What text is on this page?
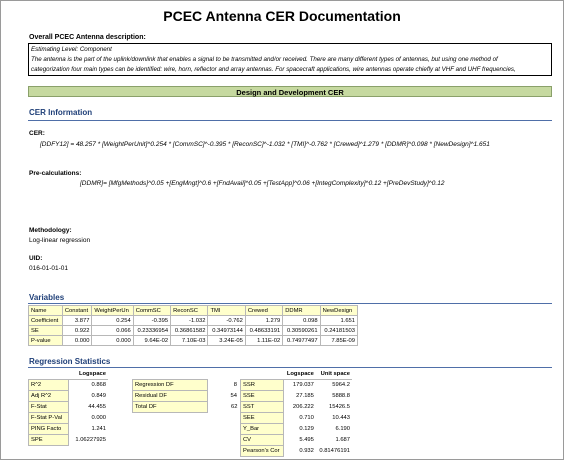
PCEC Antenna CER Documentation
Overall PCEC Antenna description:
Estimating Level: Component
The antenna is the part of the uplink/downlink that enables a signal to be transmitted and/or received. There are many different types of antennas, but using one method of
categorization four main types can be identified: wire, horn, reflector and array antennas. For spacecraft applications, wire antennas operate chiefly at VHF and UHF frequencies,
Design and Development CER
CER Information
CER:
[DDFY12] = 48.257 * [WeightPerUnit]^0.254 * [CommSC]^-0.395 * [ReconSC]^-1.032 * [TMI]^-0.762 * [Crewed]^1.279 * [DDMR]^0.098 * [NewDesign]^1.651
Pre-calculations:
[DDMR]= [MfgMethods]^0.05 +[EngMngt]^0.6 +[FndAvail]^0.05 +[TestApp]^0.06 +[IntegComplexity]^0.12 +[PreDevStudy]^0.12
Methodology:
Log-linear regression
UID:
016-01-01-01
Variables
Name	Constant	WeightPerUn	CommSC	ReconSC	TMI	Crewed	DDMR	NewDesign
Coefficient	3.877	0.254	-0.395	-1.032	-0.762	1.279	0.098	1.651
SE	0.922	0.066	0.23336954	0.36861582	0.34973144	0.48633191	0.30590261	0.24181503
P-value	0.000	0.000	9.64E-02	7.10E-03	3.24E-05	1.11E-02	0.74977497	7.85E-09
Regression Statistics
	Logspace
R^2	0.868
Adj R^2	0.849
F-Stat	44.455
F-Stat P-Val	0.000
PING Facto	1.241
SPE	1.06227925
Regression DF	8
Residual DF	54
Total DF	62
	Logspace	Unit space
SSR	179.037	5964.2
SSE	27.185	5888.8
SST	206.222	15426.5
SEE	0.710	10.443
Y_Bar	0.129	6.190
CV	5.495	1.687
Pearson's Cor	0.932	0.81476191
